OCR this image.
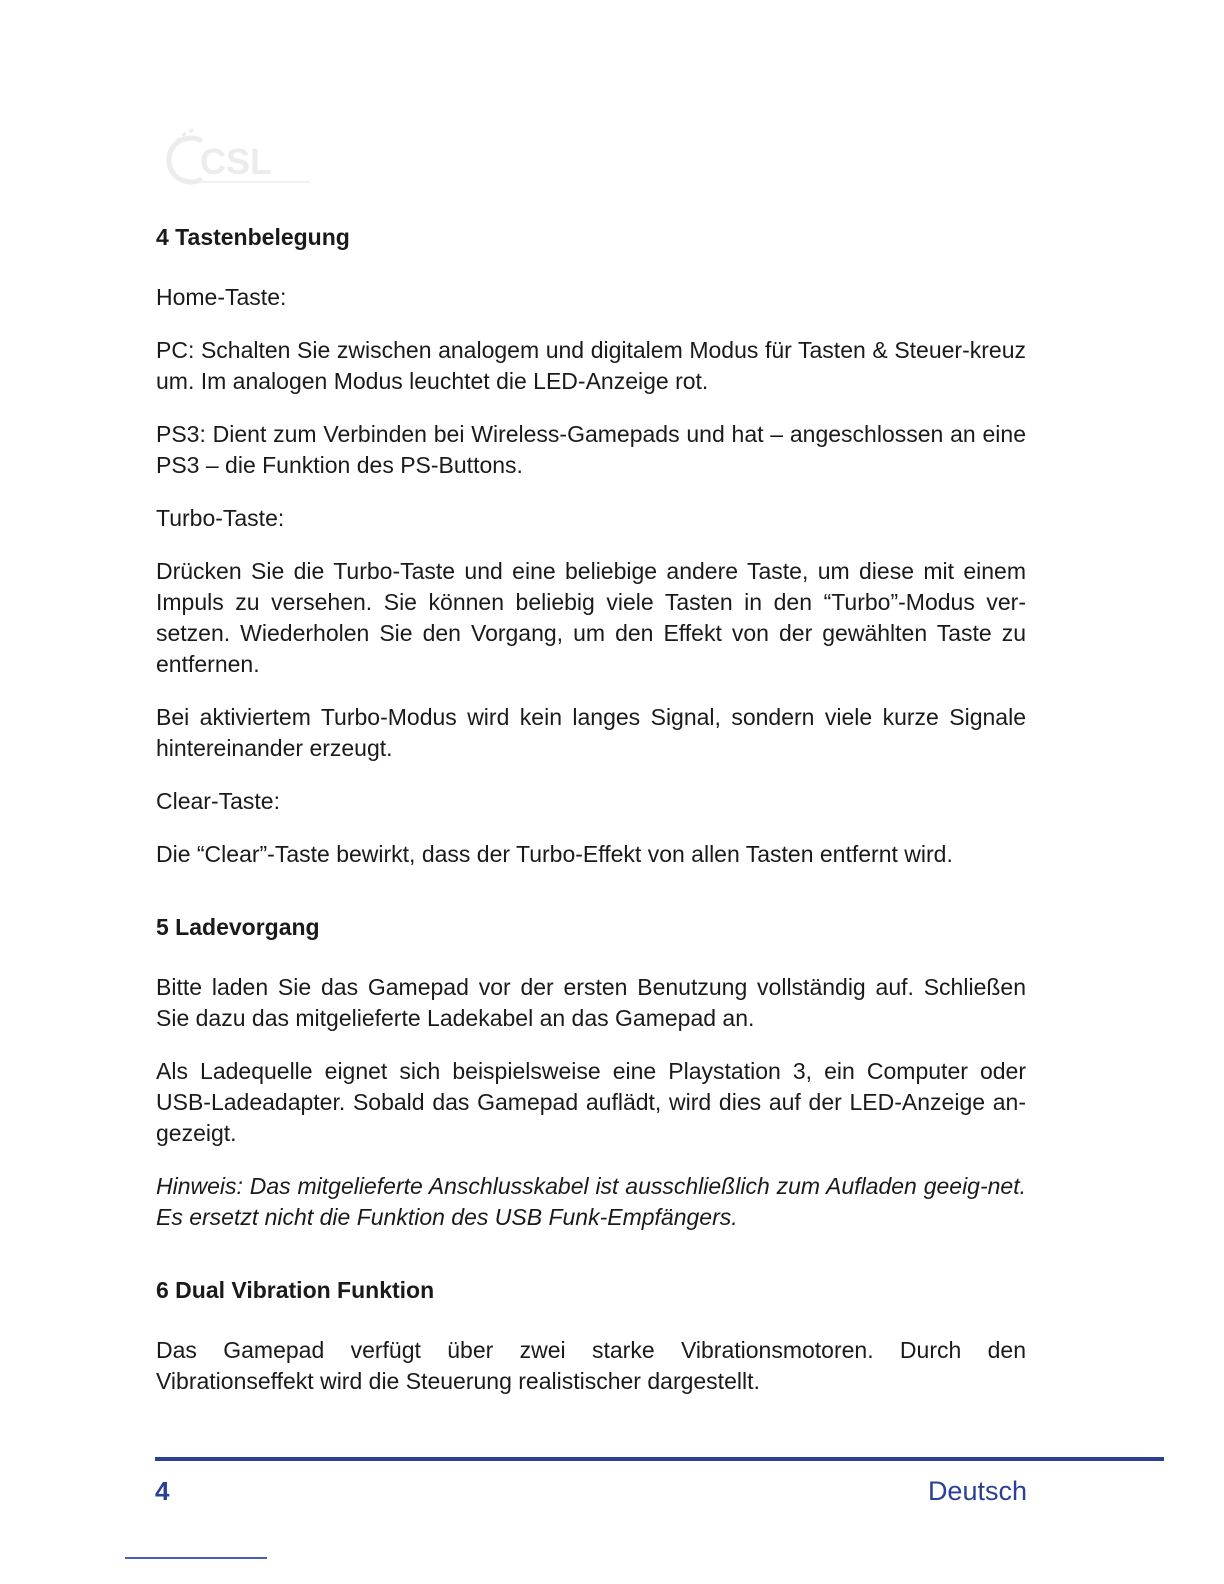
CSL
4 Tastenbelegung

Home-Taste:

PC: Schalten Sie zwischen analogem und digitalem Modus für Tasten & Steuer-kreuz um. Im analogen Modus leuchtet die LED-Anzeige rot.

PS3: Dient zum Verbinden bei Wireless-Gamepads und hat – angeschlossen an eine PS3 – die Funktion des PS-Buttons.

Turbo-Taste:

Drücken Sie die Turbo-Taste und eine beliebige andere Taste, um diese mit einem Impuls zu versehen. Sie können beliebig viele Tasten in den “Turbo”-Modus ver-setzen. Wiederholen Sie den Vorgang, um den Effekt von der gewählten Taste zu entfernen.

Bei aktiviertem Turbo-Modus wird kein langes Signal, sondern viele kurze Signale hintereinander erzeugt.

Clear-Taste:

Die “Clear”-Taste bewirkt, dass der Turbo-Effekt von allen Tasten entfernt wird.

5 Ladevorgang

Bitte laden Sie das Gamepad vor der ersten Benutzung vollständig auf. Schließen Sie dazu das mitgelieferte Ladekabel an das Gamepad an.

Als Ladequelle eignet sich beispielsweise eine Playstation 3, ein Computer oder USB-Ladeadapter. Sobald das Gamepad auflädt, wird dies auf der LED-Anzeige an-gezeigt.

Hinweis: Das mitgelieferte Anschlusskabel ist ausschließlich zum Aufladen geeig-net. Es ersetzt nicht die Funktion des USB Funk-Empfängers.

6 Dual Vibration Funktion

Das Gamepad verfügt über zwei starke Vibrationsmotoren. Durch den Vibrationseffekt wird die Steuerung realistischer dargestellt.

4	Deutsch
